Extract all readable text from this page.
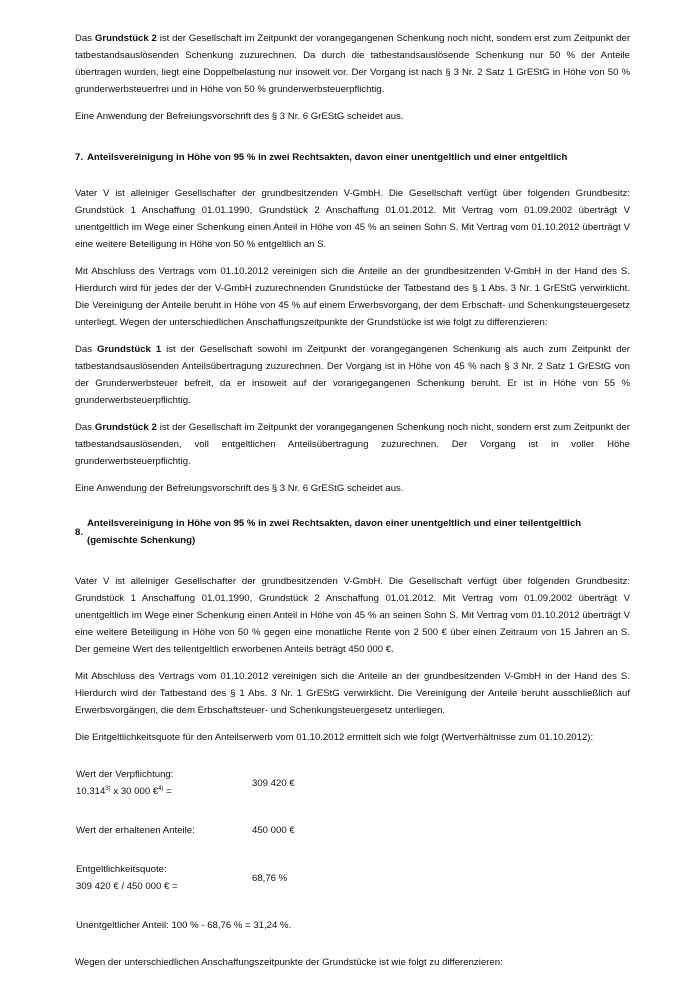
Das Grundstück 2 ist der Gesellschaft im Zeitpunkt der vorangegangenen Schenkung noch nicht, sondern erst zum Zeitpunkt der tatbestandsauslösenden Schenkung zuzurechnen. Da durch die tatbestandsauslösende Schenkung nur 50 % der Anteile übertragen wurden, liegt eine Doppelbelastung nur insoweit vor. Der Vorgang ist nach § 3 Nr. 2 Satz 1 GrEStG in Höhe von 50 % grunderwerbsteuerfrei und in Höhe von 50 % grunderwerbsteuerpflichtig.

Eine Anwendung der Befreiungsvorschrift des § 3 Nr. 6 GrEStG scheidet aus.

7. Anteilsvereinigung in Höhe von 95 % in zwei Rechtsakten, davon einer unentgeltlich und einer entgeltlich

Vater V ist alleiniger Gesellschafter der grundbesitzenden V-GmbH. Die Gesellschaft verfügt über folgenden Grundbesitz: Grundstück 1 Anschaffung 01.01.1990, Grundstück 2 Anschaffung 01.01.2012. Mit Vertrag vom 01.09.2002 überträgt V unentgeltlich im Wege einer Schenkung einen Anteil in Höhe von 45 % an seinen Sohn S. Mit Vertrag vom 01.10.2012 überträgt V eine weitere Beteiligung in Höhe von 50 % entgeltlich an S.

Mit Abschluss des Vertrags vom 01.10.2012 vereinigen sich die Anteile an der grundbesitzenden V-GmbH in der Hand des S. Hierdurch wird für jedes der der V-GmbH zuzurechnenden Grundstücke der Tatbestand des § 1 Abs. 3 Nr. 1 GrEStG verwirklicht. Die Vereinigung der Anteile beruht in Höhe von 45 % auf einem Erwerbsvorgang, der dem Erbschaft- und Schenkungsteuergesetz unterliegt. Wegen der unterschiedlichen Anschaffungszeitpunkte der Grundstücke ist wie folgt zu differenzieren:

Das Grundstück 1 ist der Gesellschaft sowohl im Zeitpunkt der vorangegangenen Schenkung als auch zum Zeitpunkt der tatbestandsauslösenden Anteilsübertragung zuzurechnen. Der Vorgang ist in Höhe von 45 % nach § 3 Nr. 2 Satz 1 GrEStG von der Grunderwerbsteuer befreit, da er insoweit auf der vorangegangenen Schenkung beruht. Er ist in Höhe von 55 % grunderwerbsteuerpflichtig.

Das Grundstück 2 ist der Gesellschaft im Zeitpunkt der vorangegangenen Schenkung noch nicht, sondern erst zum Zeitpunkt der tatbestandsauslösenden, voll entgeltlichen Anteilsübertragung zuzurechnen. Der Vorgang ist in voller Höhe grunderwerbsteuerpflichtig.

Eine Anwendung der Befreiungsvorschrift des § 3 Nr. 6 GrEStG scheidet aus.

8.
Anteilsvereinigung in Höhe von 95 % in zwei Rechtsakten, davon einer unentgeltlich und einer teilentgeltlich (gemischte Schenkung)

Vater V ist alleiniger Gesellschafter der grundbesitzenden V-GmbH. Die Gesellschaft verfügt über folgenden Grundbesitz: Grundstück 1 Anschaffung 01.01.1990, Grundstück 2 Anschaffung 01.01.2012. Mit Vertrag vom 01.09.2002 überträgt V unentgeltlich im Wege einer Schenkung einen Anteil in Höhe von 45 % an seinen Sohn S. Mit Vertrag vom 01.10.2012 überträgt V eine weitere Beteiligung in Höhe von 50 % gegen eine monatliche Rente von 2 500 € über einen Zeitraum von 15 Jahren an S. Der gemeine Wert des teilentgeltlich erworbenen Anteils beträgt 450 000 €.

Mit Abschluss des Vertrags vom 01.10.2012 vereinigen sich die Anteile an der grundbesitzenden V-GmbH in der Hand des S. Hierdurch wird der Tatbestand des § 1 Abs. 3 Nr. 1 GrEStG verwirklicht. Die Vereinigung der Anteile beruht ausschließlich auf Erwerbsvorgängen, die dem Erbschaftsteuer- und Schenkungsteuergesetz unterliegen.

Die Entgeltlichkeitsquote für den Anteilserwerb vom 01.10.2012 ermittelt sich wie folgt (Wertverhältnisse zum 01.10.2012):

Wert der Verpflichtung:
10,314$^{3)}$ x 30 000 €$^{4)}$ =	309 420 €

Wert der erhaltenen Anteile:	450 000 €

Entgeltlichkeitsquote:
309 420 € / 450 000 € =	68,76 %

Unentgeltlicher Anteil: 100 % - 68,76 % = 31,24 %.	

Wegen der unterschiedlichen Anschaffungszeitpunkte der Grundstücke ist wie folgt zu differenzieren:
